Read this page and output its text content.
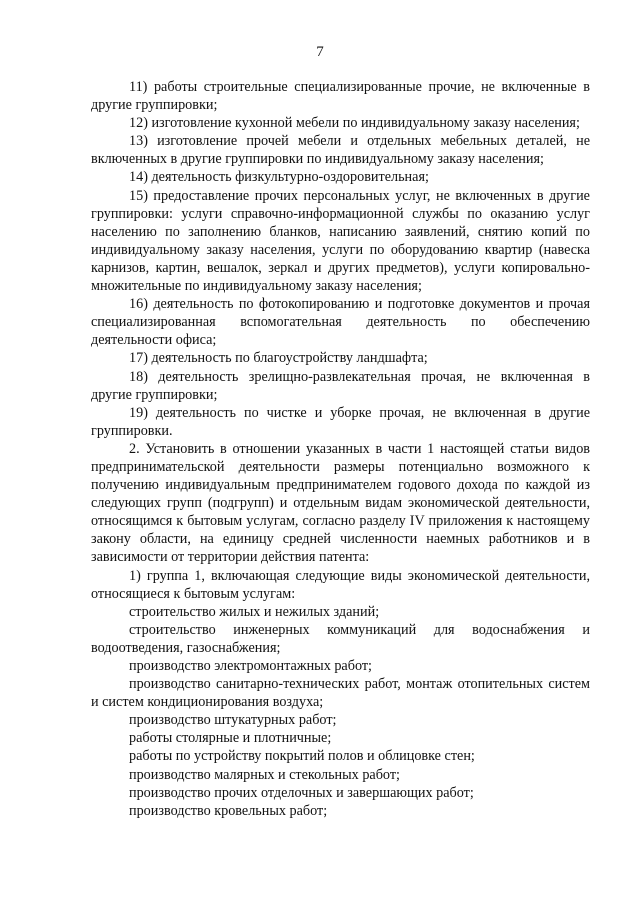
7

11) работы строительные специализированные прочие, не включенные в другие группировки;

12) изготовление кухонной мебели по индивидуальному заказу населения;

13) изготовление прочей мебели и отдельных мебельных деталей, не включенных в другие группировки по индивидуальному заказу населения;

14) деятельность физкультурно-оздоровительная;

15) предоставление прочих персональных услуг, не включенных в другие группировки: услуги справочно-информационной службы по оказанию услуг населению по заполнению бланков, написанию заявлений, снятию копий по индивидуальному заказу населения, услуги по оборудованию квартир (навеска карнизов, картин, вешалок, зеркал и других предметов), услуги копировально-множительные по индивидуальному заказу населения;

16) деятельность по фотокопированию и подготовке документов и прочая специализированная вспомогательная деятельность по обеспечению деятельности офиса;

17) деятельность по благоустройству ландшафта;

18) деятельность зрелищно-развлекательная прочая, не включенная в другие группировки;

19) деятельность по чистке и уборке прочая, не включенная в другие группировки.

2. Установить в отношении указанных в части 1 настоящей статьи видов предпринимательской деятельности размеры потенциально возможного к получению индивидуальным предпринимателем годового дохода по каждой из следующих групп (подгрупп) и отдельным видам экономической деятельности, относящимся к бытовым услугам, согласно разделу IV приложения к настоящему закону области, на единицу средней численности наемных работников и в зависимости от территории действия патента:

1) группа 1, включающая следующие виды экономической деятельности, относящиеся к бытовым услугам:

строительство жилых и нежилых зданий;

строительство инженерных коммуникаций для водоснабжения и водоотведения, газоснабжения;

производство электромонтажных работ;

производство санитарно-технических работ, монтаж отопительных систем и систем кондиционирования воздуха;

производство штукатурных работ;

работы столярные и плотничные;

работы по устройству покрытий полов и облицовке стен;

производство малярных и стекольных работ;

производство прочих отделочных и завершающих работ;

производство кровельных работ;
